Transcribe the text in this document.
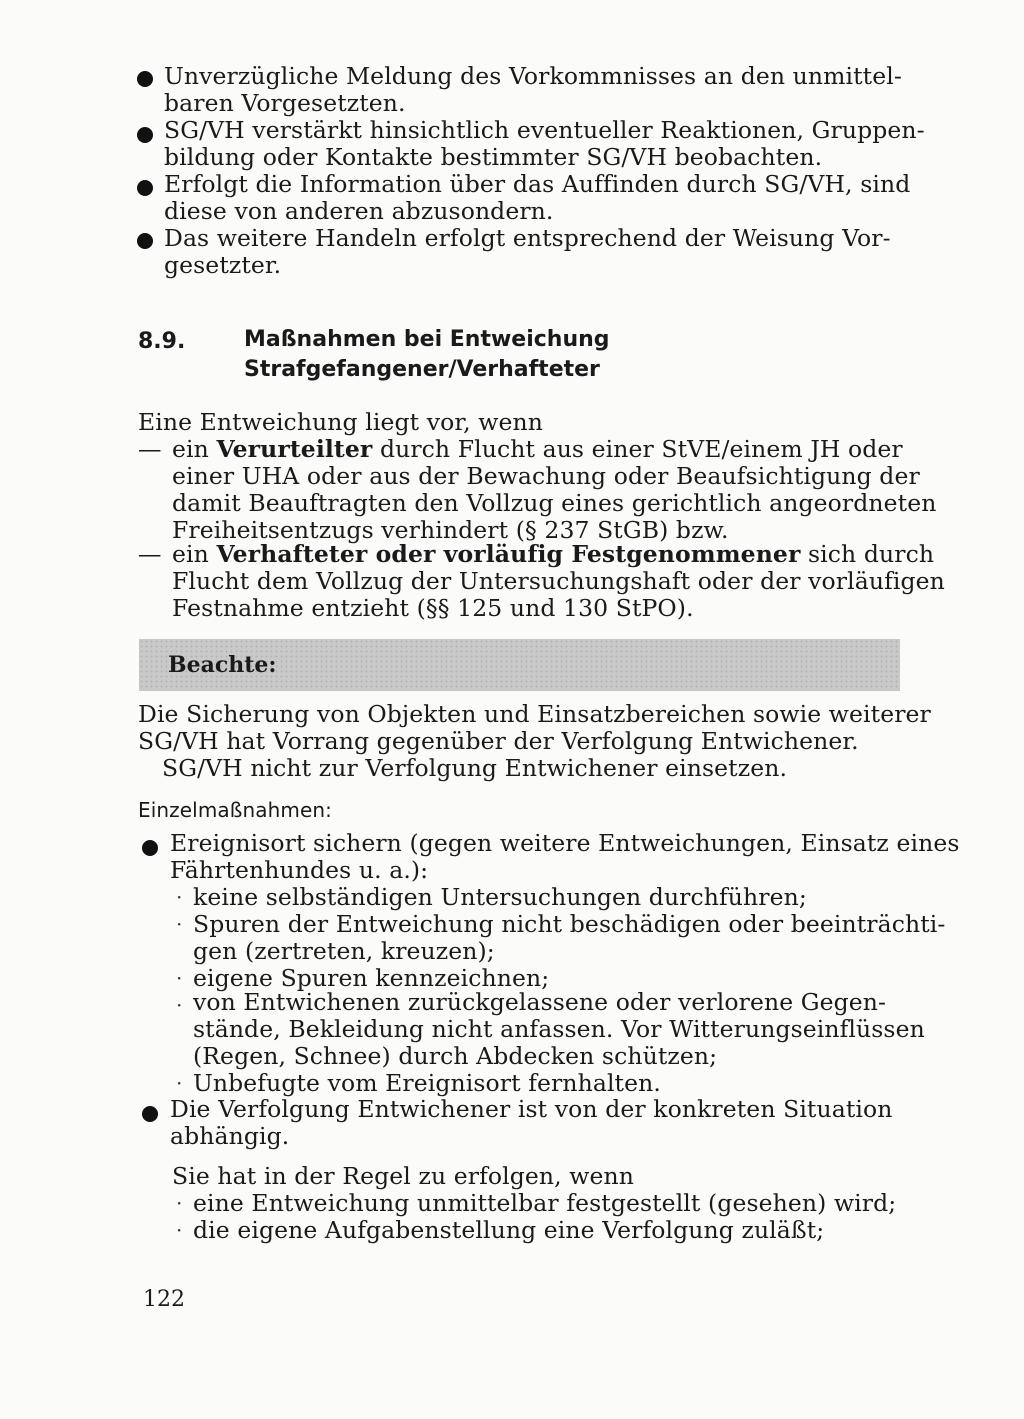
Unverzügliche Meldung des Vorkommnisses an den unmittel-
baren Vorgesetzten.
SG/VH verstärkt hinsichtlich eventueller Reaktionen, Gruppen-
bildung oder Kontakte bestimmter SG/VH beobachten.
Erfolgt die Information über das Auffinden durch SG/VH, sind
diese von anderen abzusondern.
Das weitere Handeln erfolgt entsprechend der Weisung Vor-
gesetzter.
8.9.	Maßnahmen bei Entweichung
Strafgefangener/Verhafteter
Eine Entweichung liegt vor, wenn
— ein Verurteilter durch Flucht aus einer StVE/einem JH oder
einer UHA oder aus der Bewachung oder Beaufsichtigung der
damit Beauftragten den Vollzug eines gerichtlich angeordneten
Freiheitsentzugs verhindert (§ 237 StGB) bzw.
— ein Verhafteter oder vorläufig Festgenommener sich durch
Flucht dem Vollzug der Untersuchungshaft oder der vorläufigen
Festnahme entzieht (§§ 125 und 130 StPO).
Beachte:
Die Sicherung von Objekten und Einsatzbereichen sowie weiterer
SG/VH hat Vorrang gegenüber der Verfolgung Entwichener.
SG/VH nicht zur Verfolgung Entwichener einsetzen.
Einzelmaßnahmen:
Ereignisort sichern (gegen weitere Entweichungen, Einsatz eines
Fährtenhundes u. a.):
· keine selbständigen Untersuchungen durchführen;
· Spuren der Entweichung nicht beschädigen oder beeinträchti-
gen (zertreten, kreuzen);
· eigene Spuren kennzeichnen;
· von Entwichenen zurückgelassene oder verlorene Gegen-
stände, Bekleidung nicht anfassen. Vor Witterungseinflüssen
(Regen, Schnee) durch Abdecken schützen;
· Unbefugte vom Ereignisort fernhalten.
Die Verfolgung Entwichener ist von der konkreten Situation
abhängig.
Sie hat in der Regel zu erfolgen, wenn
· eine Entweichung unmittelbar festgestellt (gesehen) wird;
· die eigene Aufgabenstellung eine Verfolgung zuläßt;
122
